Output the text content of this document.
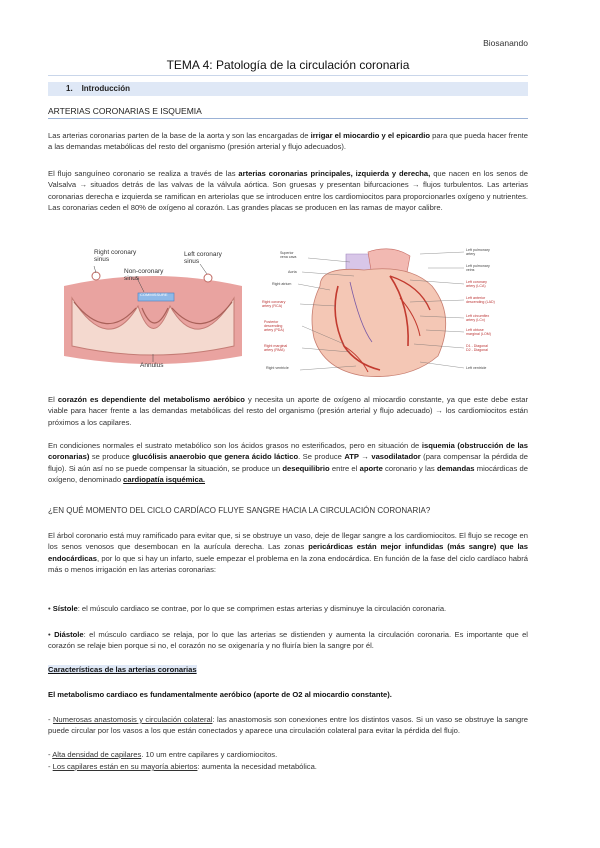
Biosanando
TEMA 4: Patología de la circulación coronaria
1. Introducción
ARTERIAS CORONARIAS E ISQUEMIA
Las arterias coronarias parten de la base de la aorta y son las encargadas de irrigar el miocardio y el epicardio para que pueda hacer frente a las demandas metabólicas del resto del organismo (presión arterial y flujo adecuados).
El flujo sanguíneo coronario se realiza a través de las arterias coronarias principales, izquierda y derecha, que nacen en los senos de Valsalva → situados detrás de las valvas de la válvula aórtica. Son gruesas y presentan bifurcaciones → flujos turbulentos. Las arterias coronarias derecha e izquierda se ramifican en arteriolas que se introducen entre los cardiomiocitos para proporcionarles oxígeno y nutrientes. Las coronarias ceden el 80% de oxígeno al corazón. Las grandes placas se producen en las ramas de mayor calibre.
Right coronary
sinus
Non-coronary
sinus
Left coronary
sinus
COMMISSURE
Annulus
Superior
vena cava
Aorta
Right atrium
Right coronary
artery (RCA)
Posterior
descending
artery (PDA)
Right marginal
artery (RMA)
Right ventricle
Left pulmonary
artery
Left pulmonary
veins
Left coronary
artery (LCA)
Left anterior
descending (LAD)
Left circumflex
artery (LCx)
Left obtuse
marginal (LOM)
D1 - Diagonal
D2 - Diagonal
Left ventricle
El corazón es dependiente del metabolismo aeróbico y necesita un aporte de oxígeno al miocardio constante, ya que este debe estar viable para hacer frente a las demandas metabólicas del resto del organismo (presión arterial y flujo adecuado) → los cardiomiocitos están próximos a los capilares.
En condiciones normales el sustrato metabólico son los ácidos grasos no esterificados, pero en situación de isquemia (obstrucción de las coronarias) se produce glucólisis anaerobio que genera ácido láctico. Se produce ATP → vasodilatador (para compensar la pérdida de flujo). Si aún así no se puede compensar la situación, se produce un desequilibrio entre el aporte coronario y las demandas miocárdicas de oxígeno, denominado cardiopatía isquémica.
¿EN QUÉ MOMENTO DEL CICLO CARDÍACO FLUYE SANGRE HACIA LA CIRCULACIÓN CORONARIA?
El árbol coronario está muy ramificado para evitar que, si se obstruye un vaso, deje de llegar sangre a los cardiomiocitos. El flujo se recoge en los senos venosos que desembocan en la aurícula derecha. Las zonas pericárdicas están mejor infundidas (más sangre) que las endocárdicas, por lo que si hay un infarto, suele empezar el problema en la zona endocárdica. En función de la fase del ciclo cardíaco habrá más o menos irrigación en las arterias coronarias:
• Sístole: el músculo cardiaco se contrae, por lo que se comprimen estas arterias y disminuye la circulación coronaria.
• Diástole: el músculo cardiaco se relaja, por lo que las arterias se distienden y aumenta la circulación coronaria. Es importante que el corazón se relaje bien porque si no, el corazón no se oxigenaría y no fluiría bien la sangre por él.
Características de las arterias coronarias
El metabolismo cardiaco es fundamentalmente aeróbico (aporte de O2 al miocardio constante).
- Numerosas anastomosis y circulación colateral: las anastomosis son conexiones entre los distintos vasos. Si un vaso se obstruye la sangre puede circular por los vasos a los que están conectados y aparece una circulación colateral para evitar la pérdida del flujo.
- Alta densidad de capilares. 10 um entre capilares y cardiomiocitos.
- Los capilares están en su mayoría abiertos: aumenta la necesidad metabólica.
